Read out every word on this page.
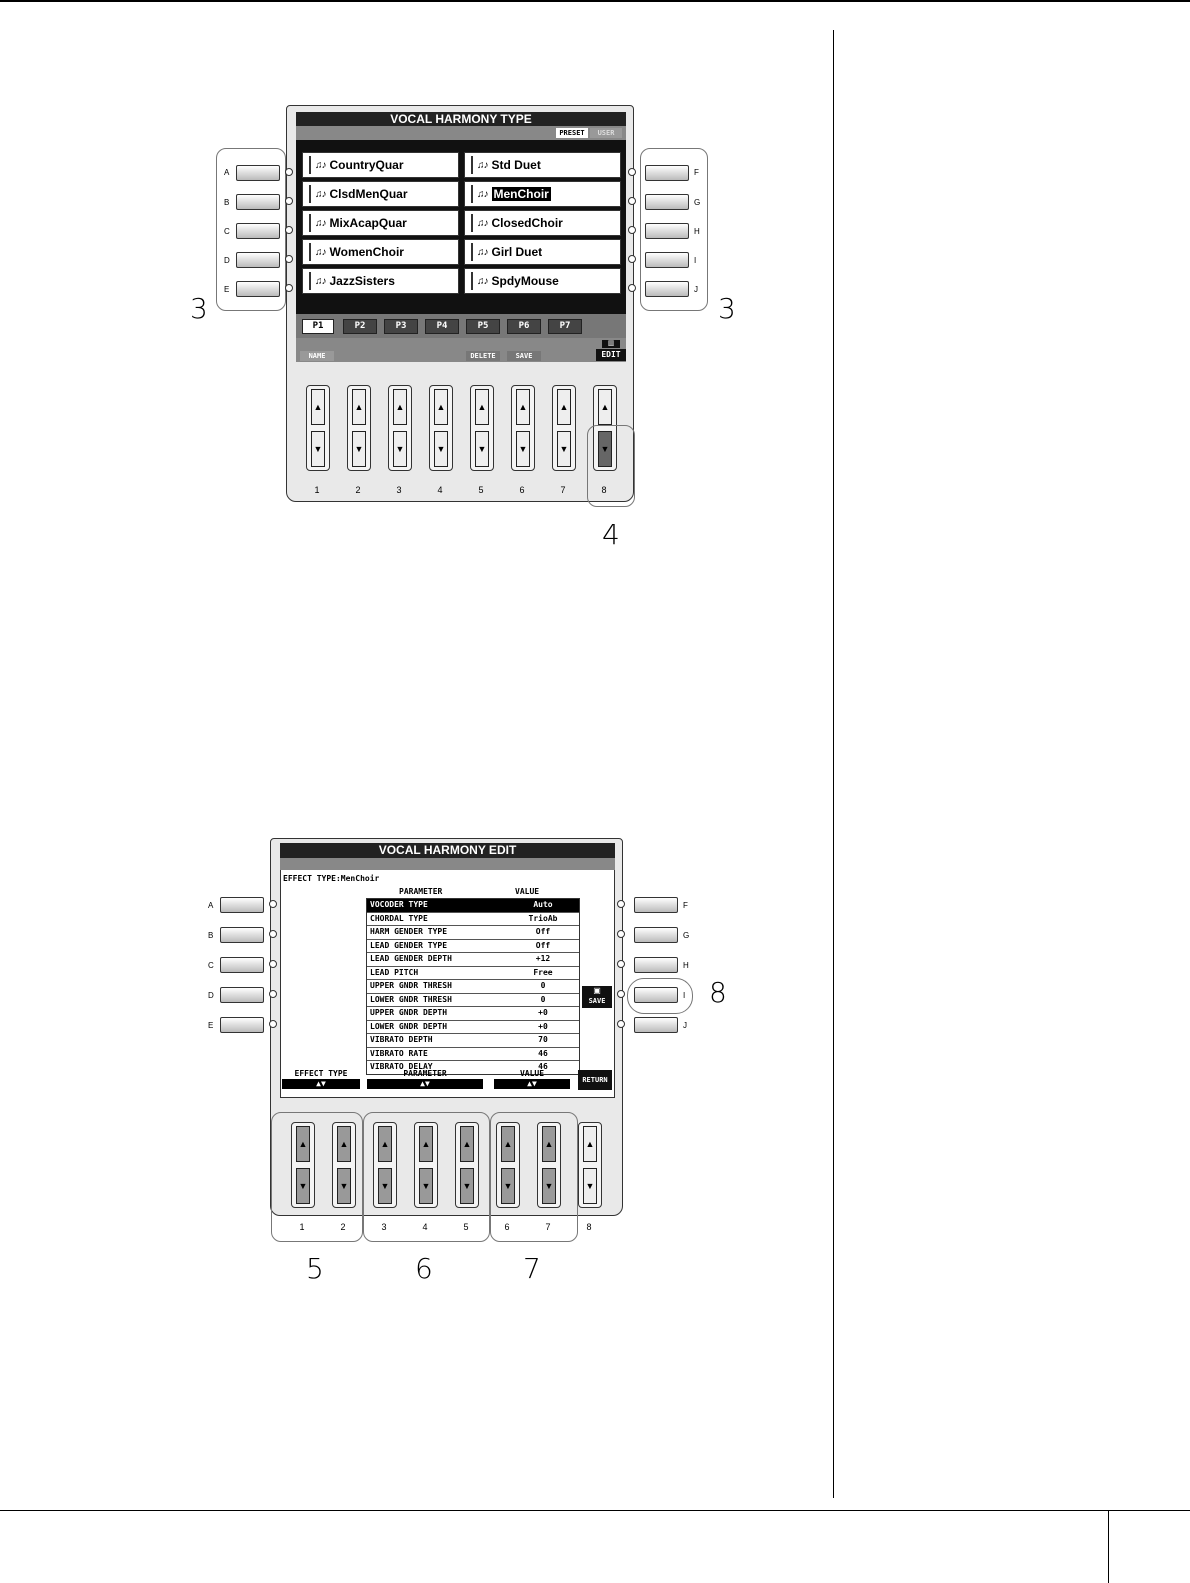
VOCAL HARMONY TYPE
PRESET	USER
♫♪ CountryQuar
♫♪ ClsdMenQuar
♫♪ MixAcapQuar
♫♪ WomenChoir
♫♪ JazzSisters
♫♪ Std Duet
♫♪ MenChoir
♫♪ ClosedChoir
♫♪ Girl Duet
♫♪ SpdyMouse
P1	P2	P3	P4	P5	P6	P7
NAME	DELETE	SAVE	EDIT
▥
A
B
C
D
E
F
G
H
I
J
3	3
▲
▼
▲
▼
▲
▼
▲
▼
▲
▼
▲
▼
▲
▼
▲
▼
1	2	3	4	5	6	7	8
4
VOCAL HARMONY EDIT
EFFECT TYPE:MenChoir
PARAMETER	VALUE
VOCODER TYPE	Auto
CHORDAL TYPE	TrioAb
HARM GENDER TYPE	Off
LEAD GENDER TYPE	Off
LEAD GENDER DEPTH	+12
LEAD PITCH	Free
UPPER GNDR THRESH	0
LOWER GNDR THRESH	0
UPPER GNDR DEPTH	+0
LOWER GNDR DEPTH	+0
VIBRATO DEPTH	70
VIBRATO RATE	46
VIBRATO DELAY	46
▣
SAVE
EFFECT TYPE
▲▼
PARAMETER
▲▼
VALUE
▲▼	RETURN
A
B
C
D
E
F
G
H
I
J
8
▲
▼
▲
▼
▲
▼
▲
▼
▲
▼
▲
▼
▲
▼
▲
▼
1	2	3	4	5	6	7	8
5	6	7
